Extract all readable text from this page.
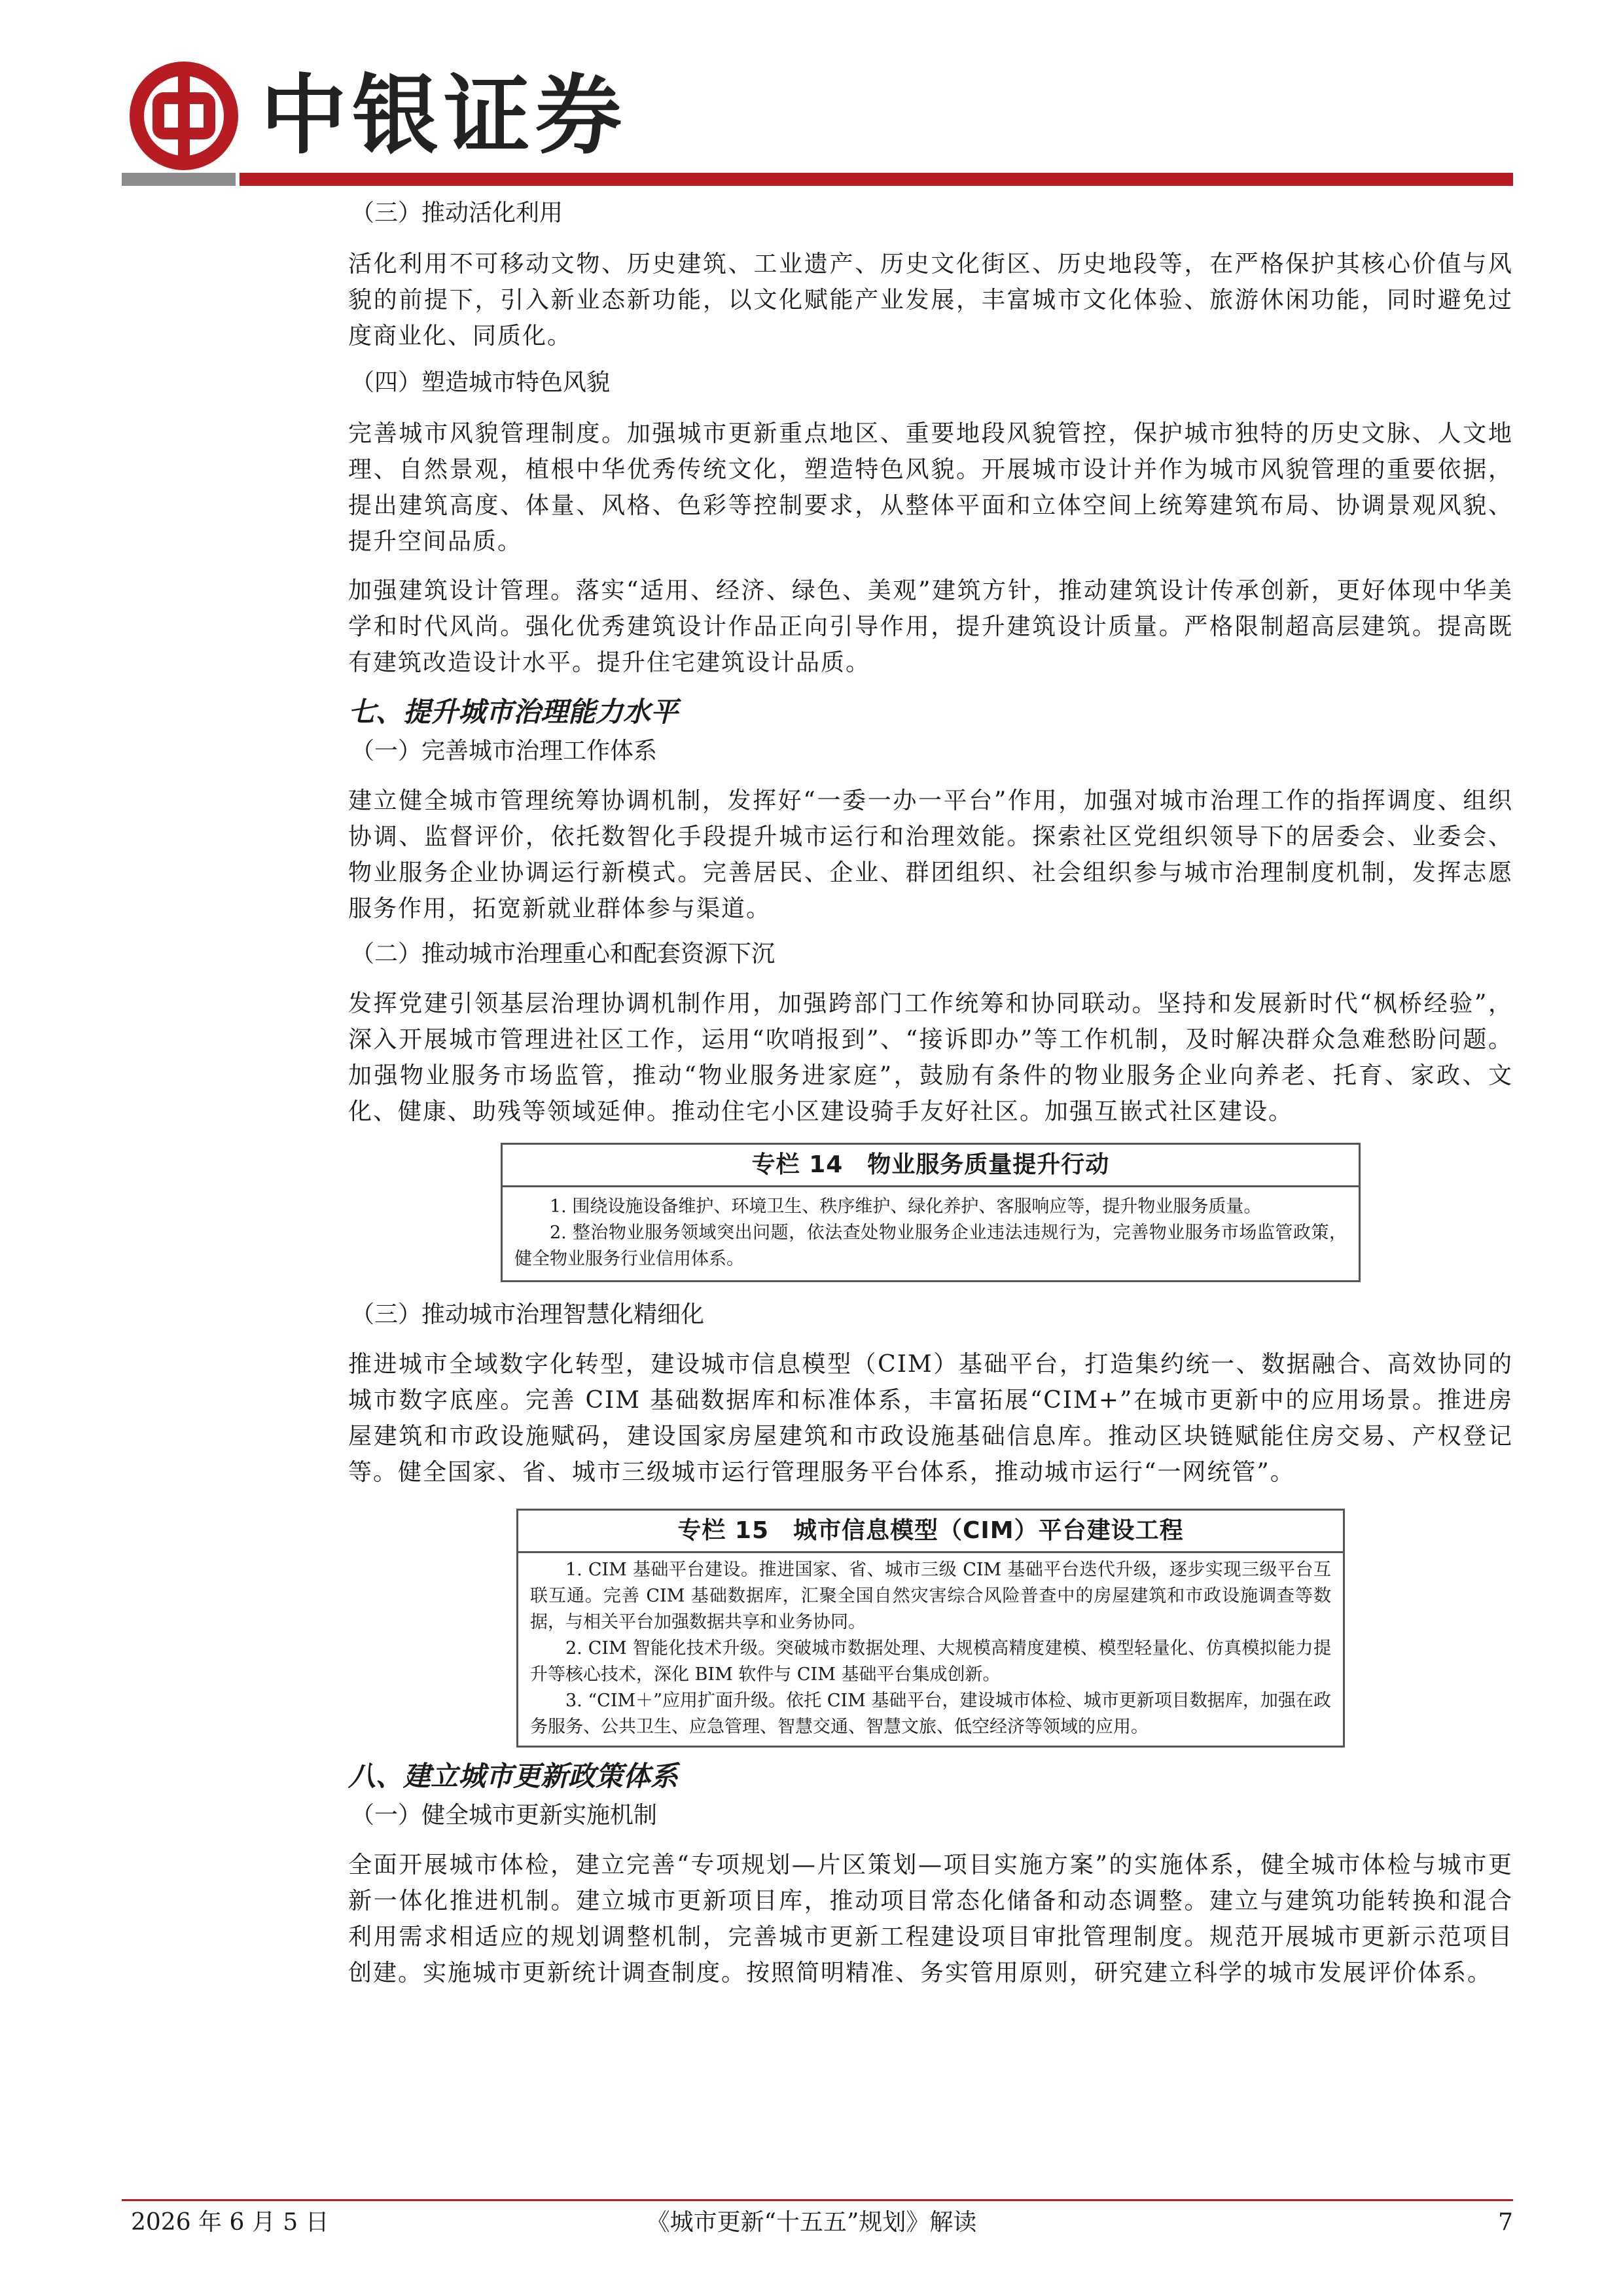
中银证券

（三）推动活化利用

活化利用不可移动文物、历史建筑、工业遗产、历史文化街区、历史地段等，在严格保护其核心价值与风貌的前提下，引入新业态新功能，以文化赋能产业发展，丰富城市文化体验、旅游休闲功能，同时避免过度商业化、同质化。

（四）塑造城市特色风貌

完善城市风貌管理制度。加强城市更新重点地区、重要地段风貌管控，保护城市独特的历史文脉、人文地理、自然景观，植根中华优秀传统文化，塑造特色风貌。开展城市设计并作为城市风貌管理的重要依据，提出建筑高度、体量、风格、色彩等控制要求，从整体平面和立体空间上统筹建筑布局、协调景观风貌、提升空间品质。

加强建筑设计管理。落实“适用、经济、绿色、美观”建筑方针，推动建筑设计传承创新，更好体现中华美学和时代风尚。强化优秀建筑设计作品正向引导作用，提升建筑设计质量。严格限制超高层建筑。提高既有建筑改造设计水平。提升住宅建筑设计品质。

七、提升城市治理能力水平

（一）完善城市治理工作体系

建立健全城市管理统筹协调机制，发挥好“一委一办一平台”作用，加强对城市治理工作的指挥调度、组织协调、监督评价，依托数智化手段提升城市运行和治理效能。探索社区党组织领导下的居委会、业委会、物业服务企业协调运行新模式。完善居民、企业、群团组织、社会组织参与城市治理制度机制，发挥志愿服务作用，拓宽新就业群体参与渠道。

（二）推动城市治理重心和配套资源下沉

发挥党建引领基层治理协调机制作用，加强跨部门工作统筹和协同联动。坚持和发展新时代“枫桥经验”，深入开展城市管理进社区工作，运用“吹哨报到”、“接诉即办”等工作机制，及时解决群众急难愁盼问题。加强物业服务市场监管，推动“物业服务进家庭”，鼓励有条件的物业服务企业向养老、托育、家政、文化、健康、助残等领域延伸。推动住宅小区建设骑手友好社区。加强互嵌式社区建设。

专栏 14　物业服务质量提升行动

1. 围绕设施设备维护、环境卫生、秩序维护、绿化养护、客服响应等，提升物业服务质量。

2. 整治物业服务领域突出问题，依法查处物业服务企业违法违规行为，完善物业服务市场监管政策，健全物业服务行业信用体系。

（三）推动城市治理智慧化精细化

推进城市全域数字化转型，建设城市信息模型（CIM）基础平台，打造集约统一、数据融合、高效协同的城市数字底座。完善 CIM 基础数据库和标准体系，丰富拓展“CIM+”在城市更新中的应用场景。推进房屋建筑和市政设施赋码，建设国家房屋建筑和市政设施基础信息库。推动区块链赋能住房交易、产权登记等。健全国家、省、城市三级城市运行管理服务平台体系，推动城市运行“一网统管”。

专栏 15　城市信息模型（CIM）平台建设工程

1. CIM 基础平台建设。推进国家、省、城市三级 CIM 基础平台迭代升级，逐步实现三级平台互联互通。完善 CIM 基础数据库，汇聚全国自然灾害综合风险普查中的房屋建筑和市政设施调查等数据，与相关平台加强数据共享和业务协同。

2. CIM 智能化技术升级。突破城市数据处理、大规模高精度建模、模型轻量化、仿真模拟能力提升等核心技术，深化 BIM 软件与 CIM 基础平台集成创新。

3. “CIM＋”应用扩面升级。依托 CIM 基础平台，建设城市体检、城市更新项目数据库，加强在政务服务、公共卫生、应急管理、智慧交通、智慧文旅、低空经济等领域的应用。

八、建立城市更新政策体系

（一）健全城市更新实施机制

全面开展城市体检，建立完善“专项规划—片区策划—项目实施方案”的实施体系，健全城市体检与城市更新一体化推进机制。建立城市更新项目库，推动项目常态化储备和动态调整。建立与建筑功能转换和混合利用需求相适应的规划调整机制，完善城市更新工程建设项目审批管理制度。规范开展城市更新示范项目创建。实施城市更新统计调查制度。按照简明精准、务实管用原则，研究建立科学的城市发展评价体系。

2026 年 6 月 5 日	《城市更新“十五五”规划》解读	7
